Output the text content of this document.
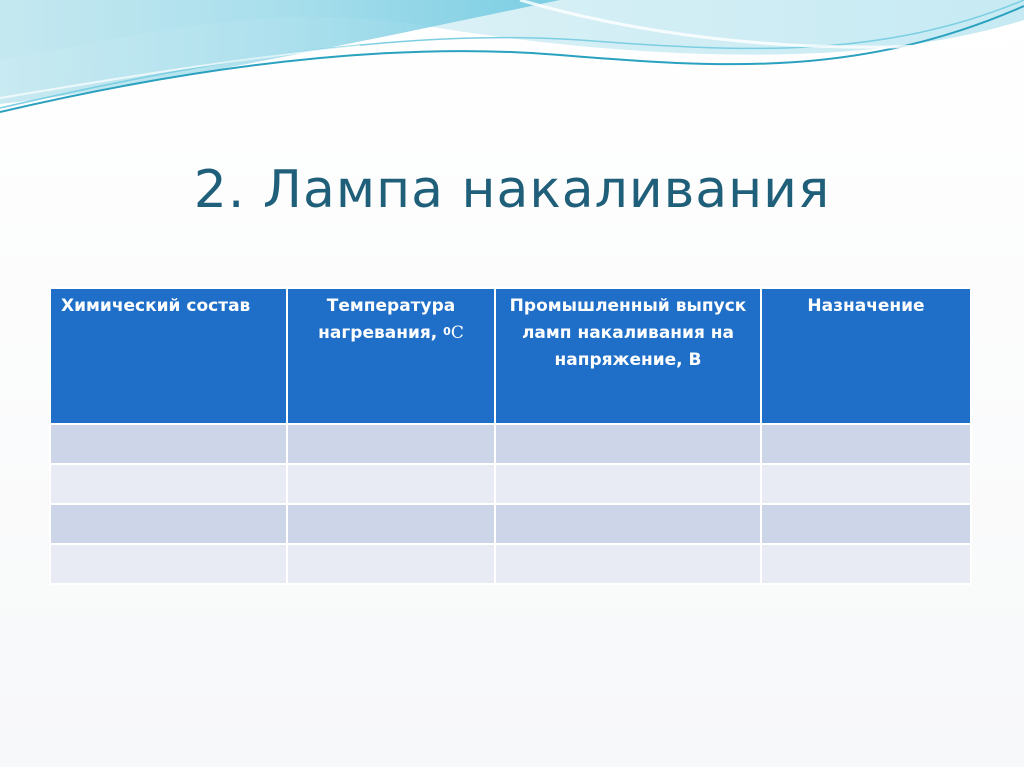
2. Лампа накаливания
Химический состав	Температура нагревания, $^0$С	Промышленный выпуск ламп накаливания на напряжение, В	Назначение
